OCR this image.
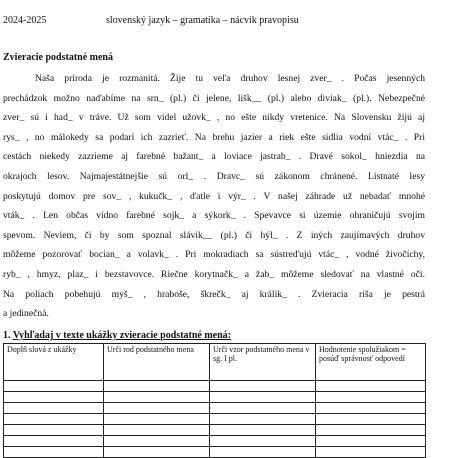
2024-2025	slovenský jazyk – gramatika – nácvik pravopisu
Zvieracie podstatné mená
Naša príroda je rozmanitá. Žije tu veľa druhov lesnej zver_ . Počas jesenných
prechádzok možno naďabíme na srn_ (pl.) či jelene, lišk__ (pl.) alebo diviak_ (pl.). Nebezpečné
zver_ sú i had_ v tráve. Už som videl užovk_ , no ešte nikdy vretenice. Na Slovensku žijú aj
rys_ , no málokedy sa podarí ich zazrieť. Na brehu jazier a riek ešte sídlia vodní vtác_ . Pri
cestách niekedy zazrieme aj farebné bažant_ a loviace jastrab_ . Dravé sokol_ hniezdia na
okrajoch lesov. Najmajestátnejšie sú orl_ . Dravc_ sú zákonom chránené. Listnaté lesy
poskytujú domov pre sov_ , kukučk_ , ďatle i výr_ . V našej záhrade už nebadať mnohé
vták_ . Len občas vídno farebné sojk_ a sýkork_ . Spevavce si územie ohraničujú svojím
spevom. Neviem, či by som spoznal slávik__ (pl.) či hýl_ . Z iných zaujímavých druhov
môžeme pozorovať bocian_ a volavk_ . Pri mokradiach sa sústreďujú vtác_ , vodné živočíchy,
ryb_ , hmyz, plaz_ i bezstavovce. Riečne korytnačk_ a žab_ môžeme sledovať na vlastné oči.
Na poliach pobehujú myš_ , hraboše, škrečk_ aj králik_ . Zvieracia ríša je pestrá
a jedinečná.
1. Vyhľadaj v texte ukážky zvieracie podstatné mená:
Doplň slová z ukážky	Urči rod podstatného mena	Urči vzor podstatného mena v sg. I pl.	Hodnotenie spolužiakom = posúď správnosť odpovedí
